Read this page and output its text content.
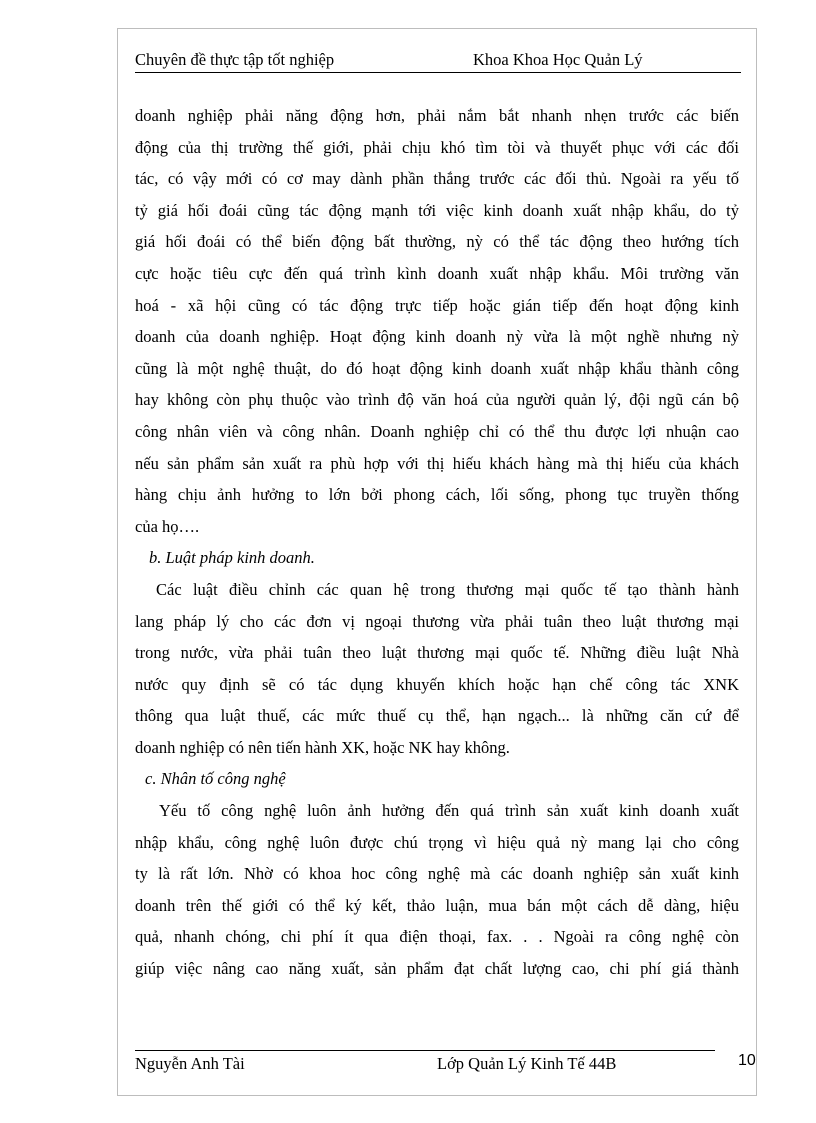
Chuyên đề thực tập tốt nghiệp	Khoa Khoa Học Quản Lý

doanh nghiệp phải năng động hơn, phải nắm bắt nhanh nhẹn trước các biến

động của thị trường thế giới, phải chịu khó tìm tòi và thuyết phục với các đối

tác, có vậy mới có cơ may dành phần thắng trước các đối thủ. Ngoài ra yếu tố

tỷ giá hối đoái cũng tác động mạnh tới việc kinh doanh xuất nhập khẩu, do tỷ

giá hối đoái có thể biến động bất thường, nỳ có thể tác động theo hướng tích

cực hoặc tiêu cực đến quá trình kình doanh xuất nhập khẩu. Môi trường văn

hoá - xã hội cũng có tác động trực tiếp hoặc gián tiếp đến hoạt động kinh

doanh của doanh nghiệp. Hoạt động kinh doanh nỳ vừa là một nghề nhưng nỳ

cũng là một nghệ thuật, do đó hoạt động kinh doanh xuất nhập khẩu thành công

hay không còn phụ thuộc vào trình độ văn hoá của người quản lý, đội ngũ cán bộ

công nhân viên và công nhân. Doanh nghiệp chỉ có thể thu được lợi nhuận cao

nếu sản phẩm sản xuất ra phù hợp với thị hiếu khách hàng mà thị hiếu của khách

hàng chịu ảnh hưởng to lớn bởi phong cách, lối sống, phong tục truyền thống

của họ….

b. Luật pháp kinh doanh.

Các luật điều chỉnh các quan hệ trong thương mại quốc tế tạo thành hành

lang pháp lý cho các đơn vị ngoại thương vừa phải tuân theo luật thương mại

trong nước, vừa phải tuân theo luật thương mại quốc tế. Những điều luật Nhà

nước quy định sẽ có tác dụng khuyến khích hoặc hạn chế công tác XNK

thông qua luật thuế, các mức thuế cụ thể, hạn ngạch... là những căn cứ để

doanh nghiệp có nên tiến hành XK, hoặc NK hay không.

c. Nhân tố công nghệ

Yếu tố công nghệ luôn ảnh hưởng đến quá trình sản xuất kinh doanh xuất

nhập khẩu, công nghệ luôn được chú trọng vì hiệu quả nỳ mang lại cho công

ty là rất lớn. Nhờ có khoa hoc công nghệ mà các doanh nghiệp sản xuất kinh

doanh trên thế giới có thể ký kết, thảo luận, mua bán một cách dễ dàng, hiệu

quả, nhanh chóng, chi phí ít qua điện thoại, fax. . . Ngoài ra công nghệ còn

giúp việc nâng cao năng xuất, sản phẩm đạt chất lượng cao, chi phí giá thành

Nguyễn Anh Tài	Lớp Quản Lý Kinh Tế 44B	10
